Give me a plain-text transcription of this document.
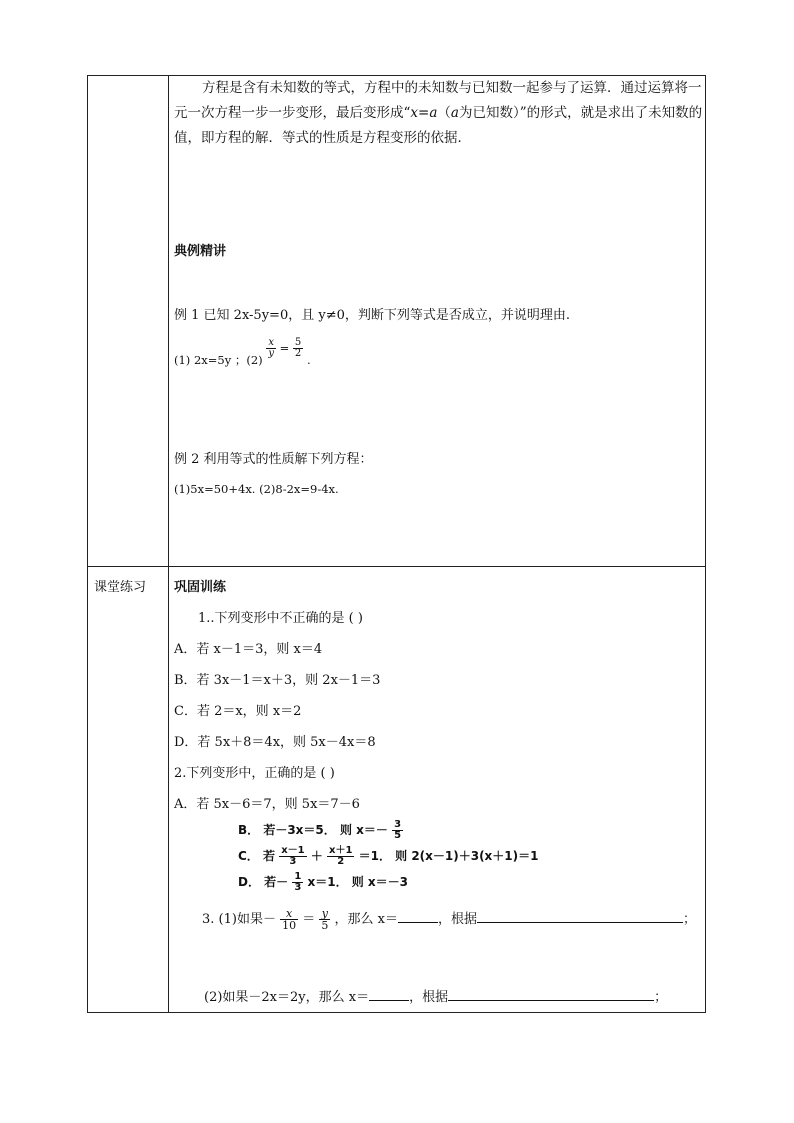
方程是含有未知数的等式，方程中的未知数与已知数一起参与了运算．通过运算将一元一次方程一步一步变形，最后变形成“x=a（a为已知数）”的形式，就是求出了未知数的值，即方程的解．等式的性质是方程变形的依据．

典例精讲
例 1 已知 2x-5y=0，且 y≠0，判断下列等式是否成立，并说明理由.
(1) 2x=5y ；(2)
$\frac{x}{y} = \frac{5}{2}$
.
例 2 利用等式的性质解下列方程：
(1)5x=50+4x. (2)8-2x=9-4x.
课堂练习 巩固训练
1..下列变形中不正确的是 ( )
A．若 x－1＝3，则 x＝4
B．若 3x－1＝x＋3，则 2x－1＝3
C．若 2＝x，则 x＝2
D．若 5x＋8＝4x，则 5x－4x＝8
2.下列变形中，正确的是 ( )
A．若 5x－6＝7，则 5x＝7－6
B． 若－3x＝5． 则 $x=- \frac{3}{5}$
C． 若 $\frac{x-1}{3} + \frac{x+1}{2} =1$． 则 2(x－1)＋3(x＋1)＝1
D． 若－ $\frac{1}{3} x=1$． 则 x＝－3
3. (1)如果－ $\frac{x}{10} = \frac{y}{5}$ ，那么 x＝	，根据	；
(2)如果－2x＝2y，那么 x＝	，根据	；
